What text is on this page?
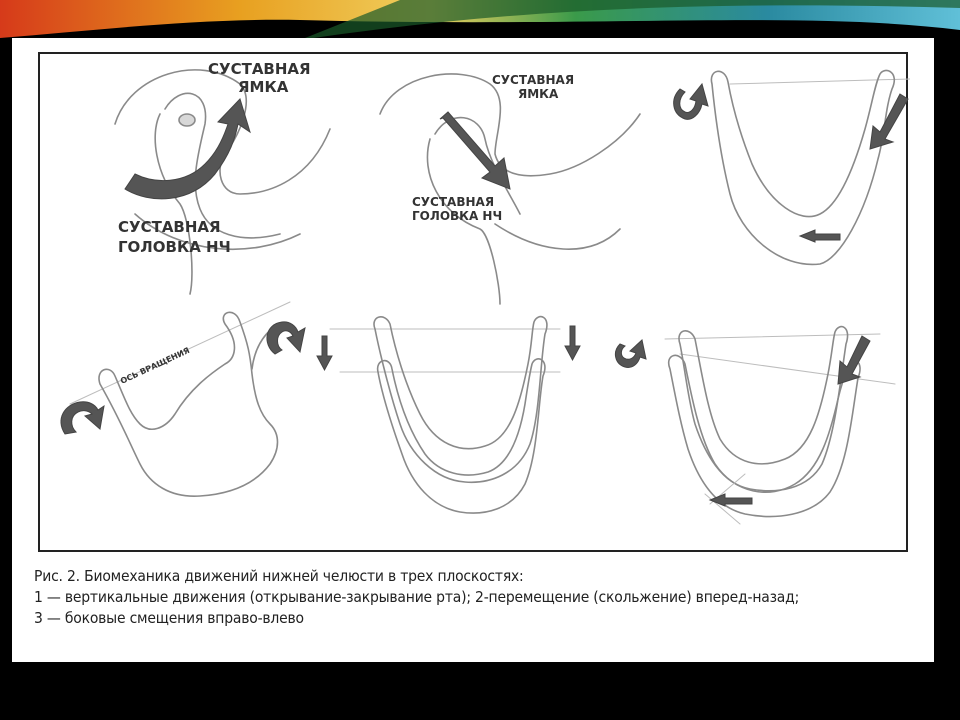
СУСТАВНАЯ
ЯМКА
СУСТАВНАЯ
ГОЛОВКА НЧ
СУСТАВНАЯ
ЯМКА
СУСТАВНАЯ
ГОЛОВКА НЧ
ОСЬ ВРАЩЕНИЯ
Рис. 2. Биомеханика движений нижней челюсти в трех плоскостях:
1 — вертикальные движения (открывание-закрывание рта); 2-перемещение (скольжение) вперед-назад;
3 — боковые смещения вправо-влево
